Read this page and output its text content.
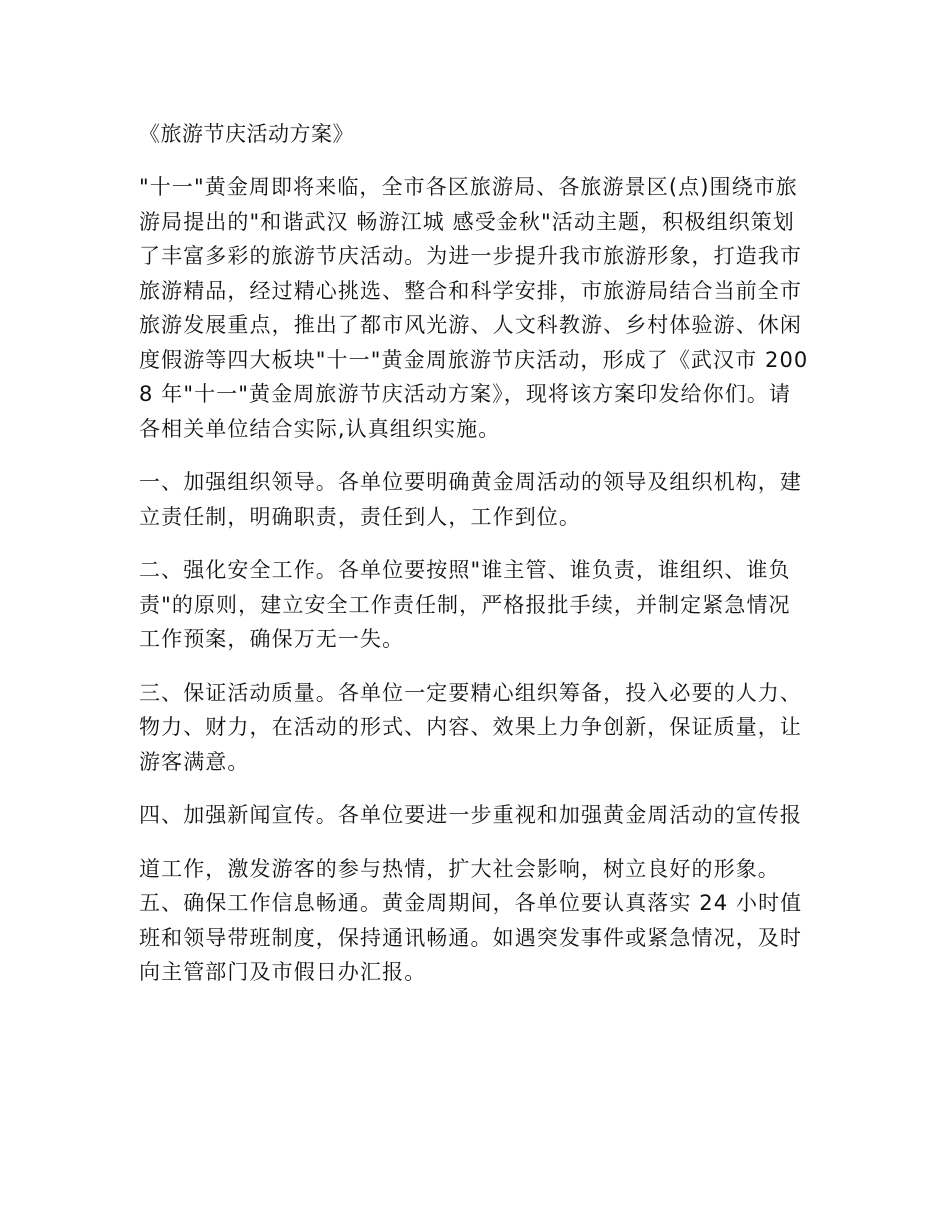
《旅游节庆活动方案》

"十一"黄金周即将来临，全市各区旅游局、各旅游景区(点)围绕市旅游局提出的"和谐武汉 畅游江城 感受金秋"活动主题，积极组织策划了丰富多彩的旅游节庆活动。为进一步提升我市旅游形象，打造我市旅游精品，经过精心挑选、整合和科学安排，市旅游局结合当前全市旅游发展重点，推出了都市风光游、人文科教游、乡村体验游、休闲度假游等四大板块"十一"黄金周旅游节庆活动，形成了《武汉市 2008 年"十一"黄金周旅游节庆活动方案》，现将该方案印发给你们。请各相关单位结合实际,认真组织实施。

一、加强组织领导。各单位要明确黄金周活动的领导及组织机构，建立责任制，明确职责，责任到人，工作到位。

二、强化安全工作。各单位要按照"谁主管、谁负责，谁组织、谁负责"的原则，建立安全工作责任制，严格报批手续，并制定紧急情况工作预案，确保万无一失。

三、保证活动质量。各单位一定要精心组织筹备，投入必要的人力、物力、财力，在活动的形式、内容、效果上力争创新，保证质量，让游客满意。

四、加强新闻宣传。各单位要进一步重视和加强黄金周活动的宣传报

道工作，激发游客的参与热情，扩大社会影响，树立良好的形象。 五、确保工作信息畅通。黄金周期间，各单位要认真落实 24 小时值班和领导带班制度，保持通讯畅通。如遇突发事件或紧急情况，及时向主管部门及市假日办汇报。
